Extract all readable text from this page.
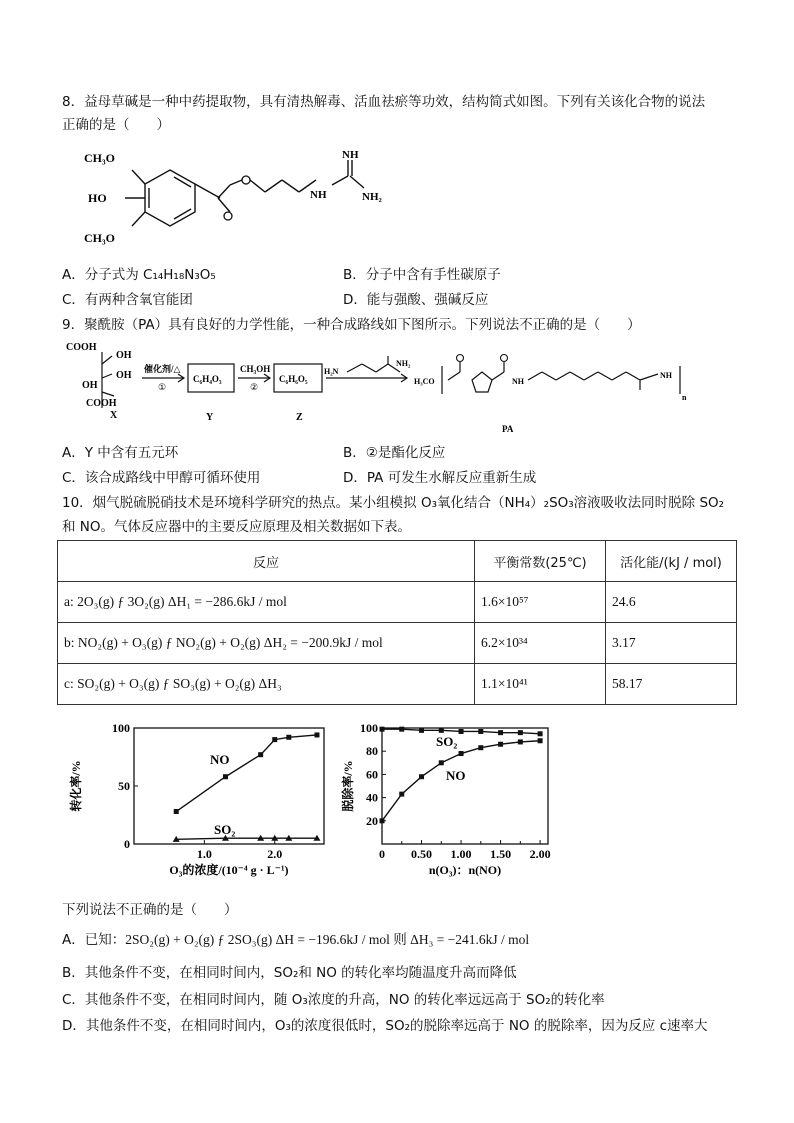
8．益母草碱是一种中药提取物，具有清热解毒、活血祛瘀等功效，结构简式如图。下列有关该化合物的说法
正确的是（　　）
CH₃O
HO
CH₃O
NH
NH	NH₂
A．分子式为 C₁₄H₁₈N₃O₅	B．分子中含有手性碳原子
C．有两种含氧官能团	D．能与强酸、强碱反应
9．聚酰胺（PA）具有良好的力学性能，一种合成路线如下图所示。下列说法不正确的是（　　）
COOH
OH
OH
OH
COOH
X
催化剂/△
①
C₆H₄O₃
Y
CH₃OH
②
C₆H₆O₅
Z
H₂N
NH₂
H₃CO	NH
NH
n
PA
A．Y 中含有五元环	B．②是酯化反应
C．该合成路线中甲醇可循环使用	D．PA 可发生水解反应重新生成
10．烟气脱硫脱硝技术是环境科学研究的热点。某小组模拟 O₃氧化结合（NH₄）₂SO₃溶液吸收法同时脱除 SO₂
和 NO。气体反应器中的主要反应原理及相关数据如下表。
反应	平衡常数(25℃)	活化能/(kJ / mol)
a: 2O₃(g) ƒ 3O₂(g) ΔH₁ = −286.6kJ / mol	1.6×10⁵⁷	24.6
b: NO₂(g) + O₃(g) ƒ NO₂(g) + O₂(g) ΔH₂ = −200.9kJ / mol	6.2×10³⁴	3.17
c: SO₂(g) + O₃(g) ƒ SO₃(g) + O₂(g) ΔH₃	1.1×10⁴¹	58.17
0
50
100
1.0	2.0
O₃的浓度/(10⁻⁴ g · L⁻¹)
转化率/%
NO
SO₂
20
40
60
80
100
0 0.50 1.00 1.50 2.00
n(O₃)：n(NO)
脱除率/%
SO₂
NO
下列说法不正确的是（　　）
A．已知：2SO₂(g) + O₂(g) ƒ 2SO₃(g) ΔH = −196.6kJ / mol 则 ΔH₃ = −241.6kJ / mol
B．其他条件不变，在相同时间内，SO₂和 NO 的转化率均随温度升高而降低
C．其他条件不变，在相同时间内，随 O₃浓度的升高，NO 的转化率远远高于 SO₂的转化率
D．其他条件不变，在相同时间内，O₃的浓度很低时，SO₂的脱除率远高于 NO 的脱除率，因为反应 c速率大
